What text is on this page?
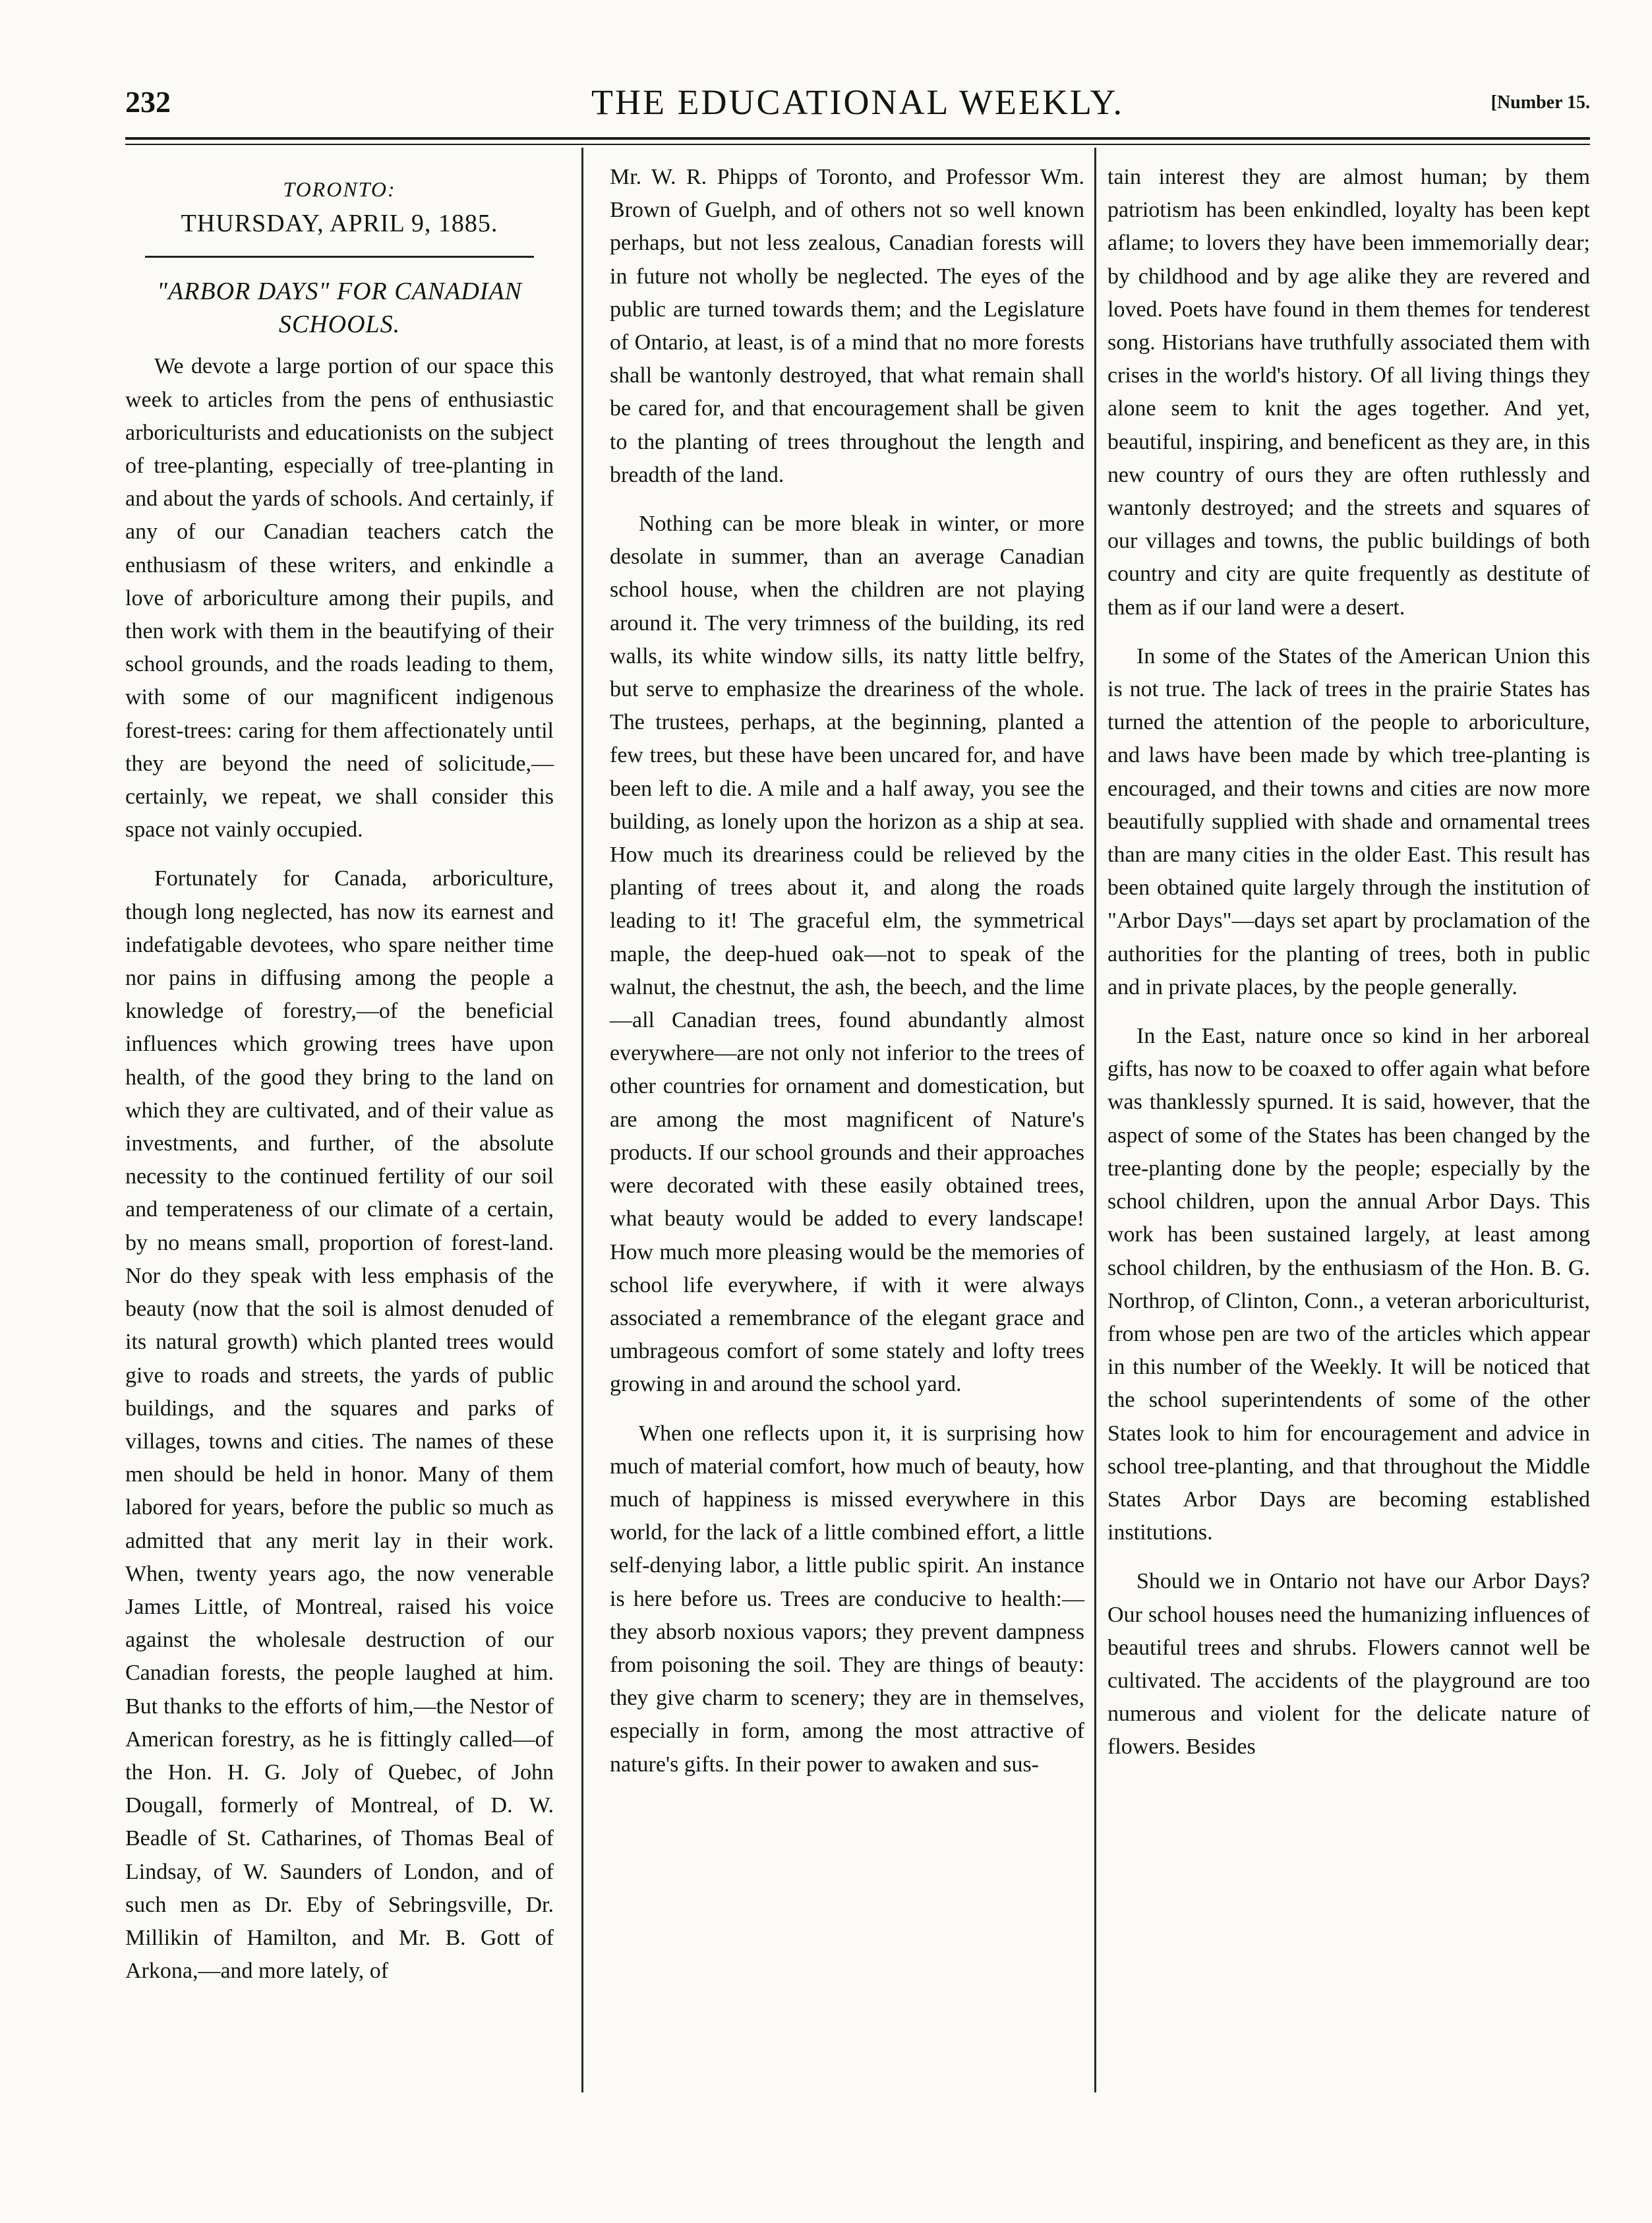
232	THE EDUCATIONAL WEEKLY.	[Number 15.
TORONTO:
THURSDAY, APRIL 9, 1885.
"ARBOR DAYS" FOR CANADIAN SCHOOLS.

We devote a large portion of our space this week to articles from the pens of enthusiastic arboriculturists and educationists on the subject of tree-planting, especially of tree-planting in and about the yards of schools. And certainly, if any of our Canadian teachers catch the enthusiasm of these writers, and enkindle a love of arboriculture among their pupils, and then work with them in the beautifying of their school grounds, and the roads leading to them, with some of our magnificent indigenous forest-trees: caring for them affectionately until they are beyond the need of solicitude,—certainly, we repeat, we shall consider this space not vainly occupied.

Fortunately for Canada, arboriculture, though long neglected, has now its earnest and indefatigable devotees, who spare neither time nor pains in diffusing among the people a knowledge of forestry,—of the beneficial influences which growing trees have upon health, of the good they bring to the land on which they are cultivated, and of their value as investments, and further, of the absolute necessity to the continued fertility of our soil and temperateness of our climate of a certain, by no means small, proportion of forest-land. Nor do they speak with less emphasis of the beauty (now that the soil is almost denuded of its natural growth) which planted trees would give to roads and streets, the yards of public buildings, and the squares and parks of villages, towns and cities. The names of these men should be held in honor. Many of them labored for years, before the public so much as admitted that any merit lay in their work. When, twenty years ago, the now venerable James Little, of Montreal, raised his voice against the wholesale destruction of our Canadian forests, the people laughed at him. But thanks to the efforts of him,—the Nestor of American forestry, as he is fittingly called—of the Hon. H. G. Joly of Quebec, of John Dougall, formerly of Montreal, of D. W. Beadle of St. Catharines, of Thomas Beal of Lindsay, of W. Saunders of London, and of such men as Dr. Eby of Sebringsville, Dr. Millikin of Hamilton, and Mr. B. Gott of Arkona,—and more lately, of

Mr. W. R. Phipps of Toronto, and Professor Wm. Brown of Guelph, and of others not so well known perhaps, but not less zealous, Canadian forests will in future not wholly be neglected. The eyes of the public are turned towards them; and the Legislature of Ontario, at least, is of a mind that no more forests shall be wantonly destroyed, that what remain shall be cared for, and that encouragement shall be given to the planting of trees throughout the length and breadth of the land.

Nothing can be more bleak in winter, or more desolate in summer, than an average Canadian school house, when the children are not playing around it. The very trimness of the building, its red walls, its white window sills, its natty little belfry, but serve to emphasize the dreariness of the whole. The trustees, perhaps, at the beginning, planted a few trees, but these have been uncared for, and have been left to die. A mile and a half away, you see the building, as lonely upon the horizon as a ship at sea. How much its dreariness could be relieved by the planting of trees about it, and along the roads leading to it! The graceful elm, the symmetrical maple, the deep-hued oak—not to speak of the walnut, the chestnut, the ash, the beech, and the lime—all Canadian trees, found abundantly almost everywhere—are not only not inferior to the trees of other countries for ornament and domestication, but are among the most magnificent of Nature's products. If our school grounds and their approaches were decorated with these easily obtained trees, what beauty would be added to every landscape! How much more pleasing would be the memories of school life everywhere, if with it were always associated a remembrance of the elegant grace and umbrageous comfort of some stately and lofty trees growing in and around the school yard.

When one reflects upon it, it is surprising how much of material comfort, how much of beauty, how much of happiness is missed everywhere in this world, for the lack of a little combined effort, a little self-denying labor, a little public spirit. An instance is here before us. Trees are conducive to health:—they absorb noxious vapors; they prevent dampness from poisoning the soil. They are things of beauty: they give charm to scenery; they are in themselves, especially in form, among the most attractive of nature's gifts. In their power to awaken and sus-

tain interest they are almost human; by them patriotism has been enkindled, loyalty has been kept aflame; to lovers they have been immemorially dear; by childhood and by age alike they are revered and loved. Poets have found in them themes for tenderest song. Historians have truthfully associated them with crises in the world's history. Of all living things they alone seem to knit the ages together. And yet, beautiful, inspiring, and beneficent as they are, in this new country of ours they are often ruthlessly and wantonly destroyed; and the streets and squares of our villages and towns, the public buildings of both country and city are quite frequently as destitute of them as if our land were a desert.

In some of the States of the American Union this is not true. The lack of trees in the prairie States has turned the attention of the people to arboriculture, and laws have been made by which tree-planting is encouraged, and their towns and cities are now more beautifully supplied with shade and ornamental trees than are many cities in the older East. This result has been obtained quite largely through the institution of "Arbor Days"—days set apart by proclamation of the authorities for the planting of trees, both in public and in private places, by the people generally.

In the East, nature once so kind in her arboreal gifts, has now to be coaxed to offer again what before was thanklessly spurned. It is said, however, that the aspect of some of the States has been changed by the tree-planting done by the people; especially by the school children, upon the annual Arbor Days. This work has been sustained largely, at least among school children, by the enthusiasm of the Hon. B. G. Northrop, of Clinton, Conn., a veteran arboriculturist, from whose pen are two of the articles which appear in this number of the Weekly. It will be noticed that the school superintendents of some of the other States look to him for encouragement and advice in school tree-planting, and that throughout the Middle States Arbor Days are becoming established institutions.

Should we in Ontario not have our Arbor Days? Our school houses need the humanizing influences of beautiful trees and shrubs. Flowers cannot well be cultivated. The accidents of the playground are too numerous and violent for the delicate nature of flowers. Besides
